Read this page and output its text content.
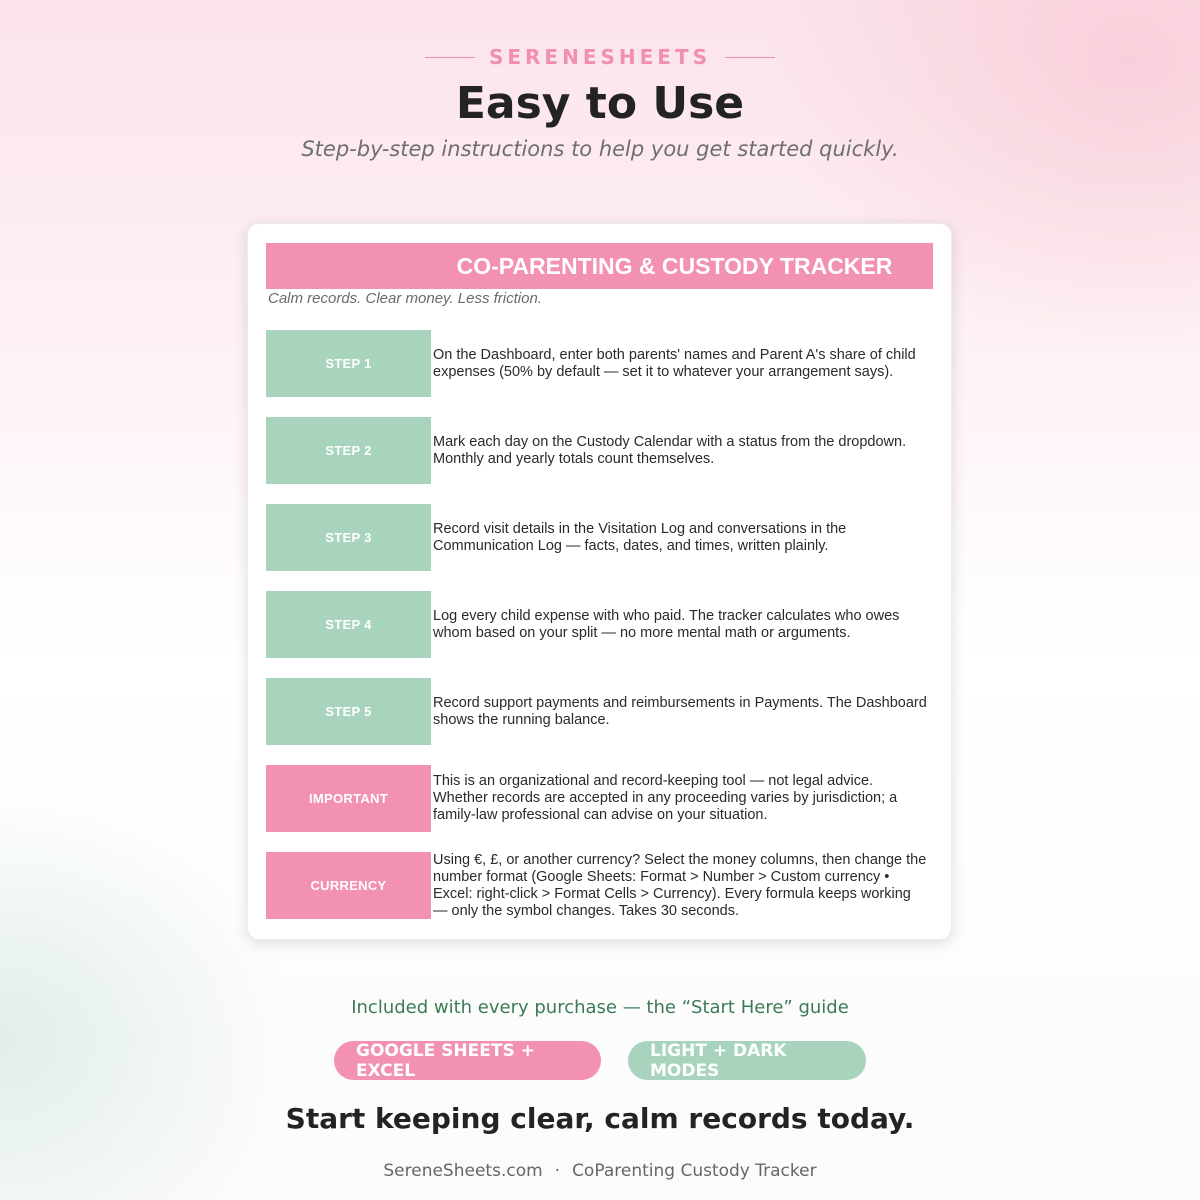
SERENESHEETS
Easy to Use
Step-by-step instructions to help you get started quickly.
CO-PARENTING & CUSTODY TRACKER
Calm records. Clear money. Less friction.
STEP 1
On the Dashboard, enter both parents' names and Parent A's share of child expenses (50% by default — set it to whatever your arrangement says).
STEP 2
Mark each day on the Custody Calendar with a status from the dropdown. Monthly and yearly totals count themselves.
STEP 3
Record visit details in the Visitation Log and conversations in the Communication Log — facts, dates, and times, written plainly.
STEP 4
Log every child expense with who paid. The tracker calculates who owes whom based on your split — no more mental math or arguments.
STEP 5
Record support payments and reimbursements in Payments. The Dashboard shows the running balance.
IMPORTANT
This is an organizational and record-keeping tool — not legal advice. Whether records are accepted in any proceeding varies by jurisdiction; a family-law professional can advise on your situation.
CURRENCY
Using €, £, or another currency? Select the money columns, then change the number format (Google Sheets: Format > Number > Custom currency • Excel: right-click > Format Cells > Currency). Every formula keeps working — only the symbol changes. Takes 30 seconds.
Included with every purchase — the “Start Here” guide
GOOGLE SHEETS + EXCEL
LIGHT + DARK MODES
Start keeping clear, calm records today.
SereneSheets.com · CoParenting Custody Tracker
